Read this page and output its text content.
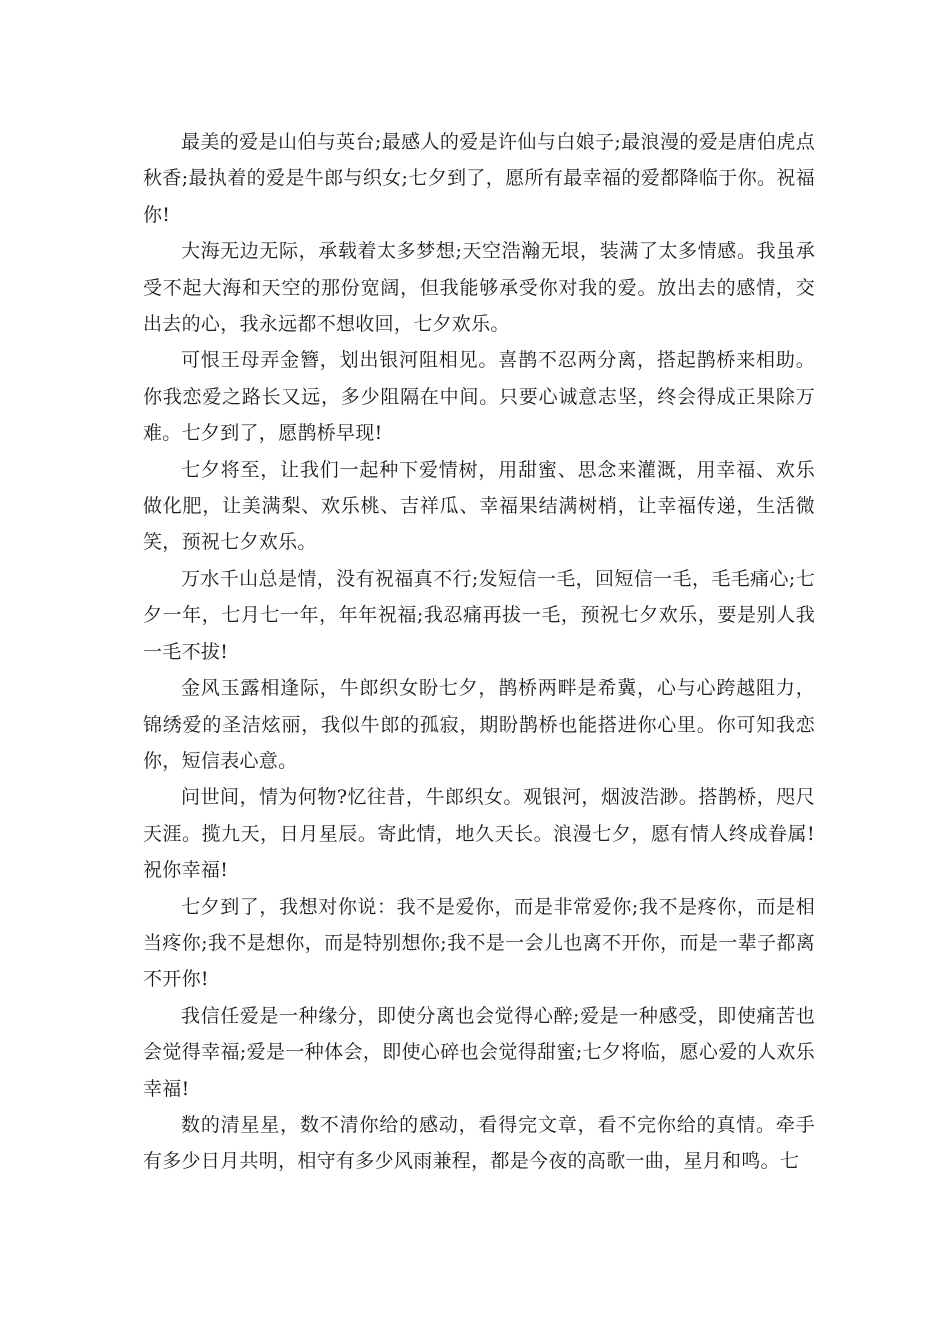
最美的爱是山伯与英台;最感人的爱是许仙与白娘子;最浪漫的爱是唐伯虎点秋香;最执着的爱是牛郎与织女;七夕到了，愿所有最幸福的爱都降临于你。祝福你!

大海无边无际，承载着太多梦想;天空浩瀚无垠，装满了太多情感。我虽承受不起大海和天空的那份宽阔，但我能够承受你对我的爱。放出去的感情，交出去的心，我永远都不想收回，七夕欢乐。

可恨王母弄金簪，划出银河阻相见。喜鹊不忍两分离，搭起鹊桥来相助。你我恋爱之路长又远，多少阻隔在中间。只要心诚意志坚，终会得成正果除万难。七夕到了，愿鹊桥早现!

七夕将至，让我们一起种下爱情树，用甜蜜、思念来灌溉，用幸福、欢乐做化肥，让美满梨、欢乐桃、吉祥瓜、幸福果结满树梢，让幸福传递，生活微笑，预祝七夕欢乐。

万水千山总是情，没有祝福真不行;发短信一毛，回短信一毛，毛毛痛心;七夕一年，七月七一年，年年祝福;我忍痛再拔一毛，预祝七夕欢乐，要是别人我一毛不拔!

金风玉露相逢际，牛郎织女盼七夕，鹊桥两畔是希冀，心与心跨越阻力，锦绣爱的圣洁炫丽，我似牛郎的孤寂，期盼鹊桥也能搭进你心里。你可知我恋你，短信表心意。

问世间，情为何物?忆往昔，牛郎织女。观银河，烟波浩渺。搭鹊桥，咫尺天涯。揽九天，日月星辰。寄此情，地久天长。浪漫七夕，愿有情人终成眷属!祝你幸福!

七夕到了，我想对你说：我不是爱你，而是非常爱你;我不是疼你，而是相当疼你;我不是想你，而是特别想你;我不是一会儿也离不开你，而是一辈子都离不开你!

我信任爱是一种缘分，即使分离也会觉得心醉;爱是一种感受，即使痛苦也会觉得幸福;爱是一种体会，即使心碎也会觉得甜蜜;七夕将临，愿心爱的人欢乐幸福!

数的清星星，数不清你给的感动，看得完文章，看不完你给的真情。牵手有多少日月共明，相守有多少风雨兼程，都是今夜的高歌一曲，星月和鸣。七
